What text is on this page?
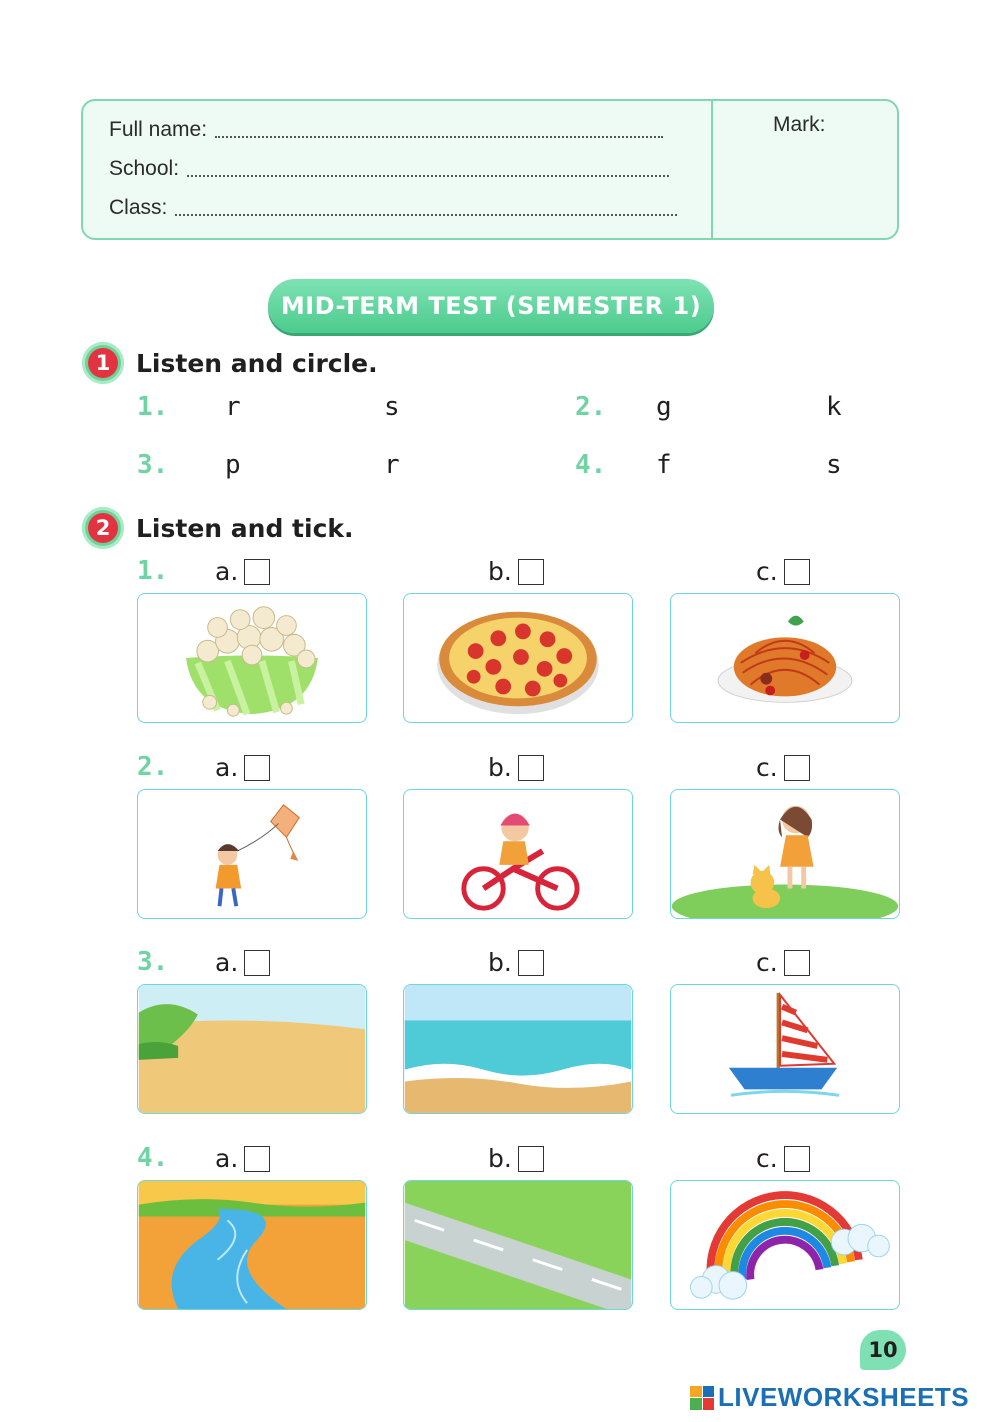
Full name:
School:
Class:
Mark:
MID-TERM TEST (SEMESTER 1)
1	Listen and circle.
1. r	s	2. g	k
3. p	r	4. f	s
2	Listen and tick.
1. a.	b.	c.
2. a.	b.	c.
3. a.	b.	c.
4. a.	b.	c.
10
LIVEWORKSHEETS
